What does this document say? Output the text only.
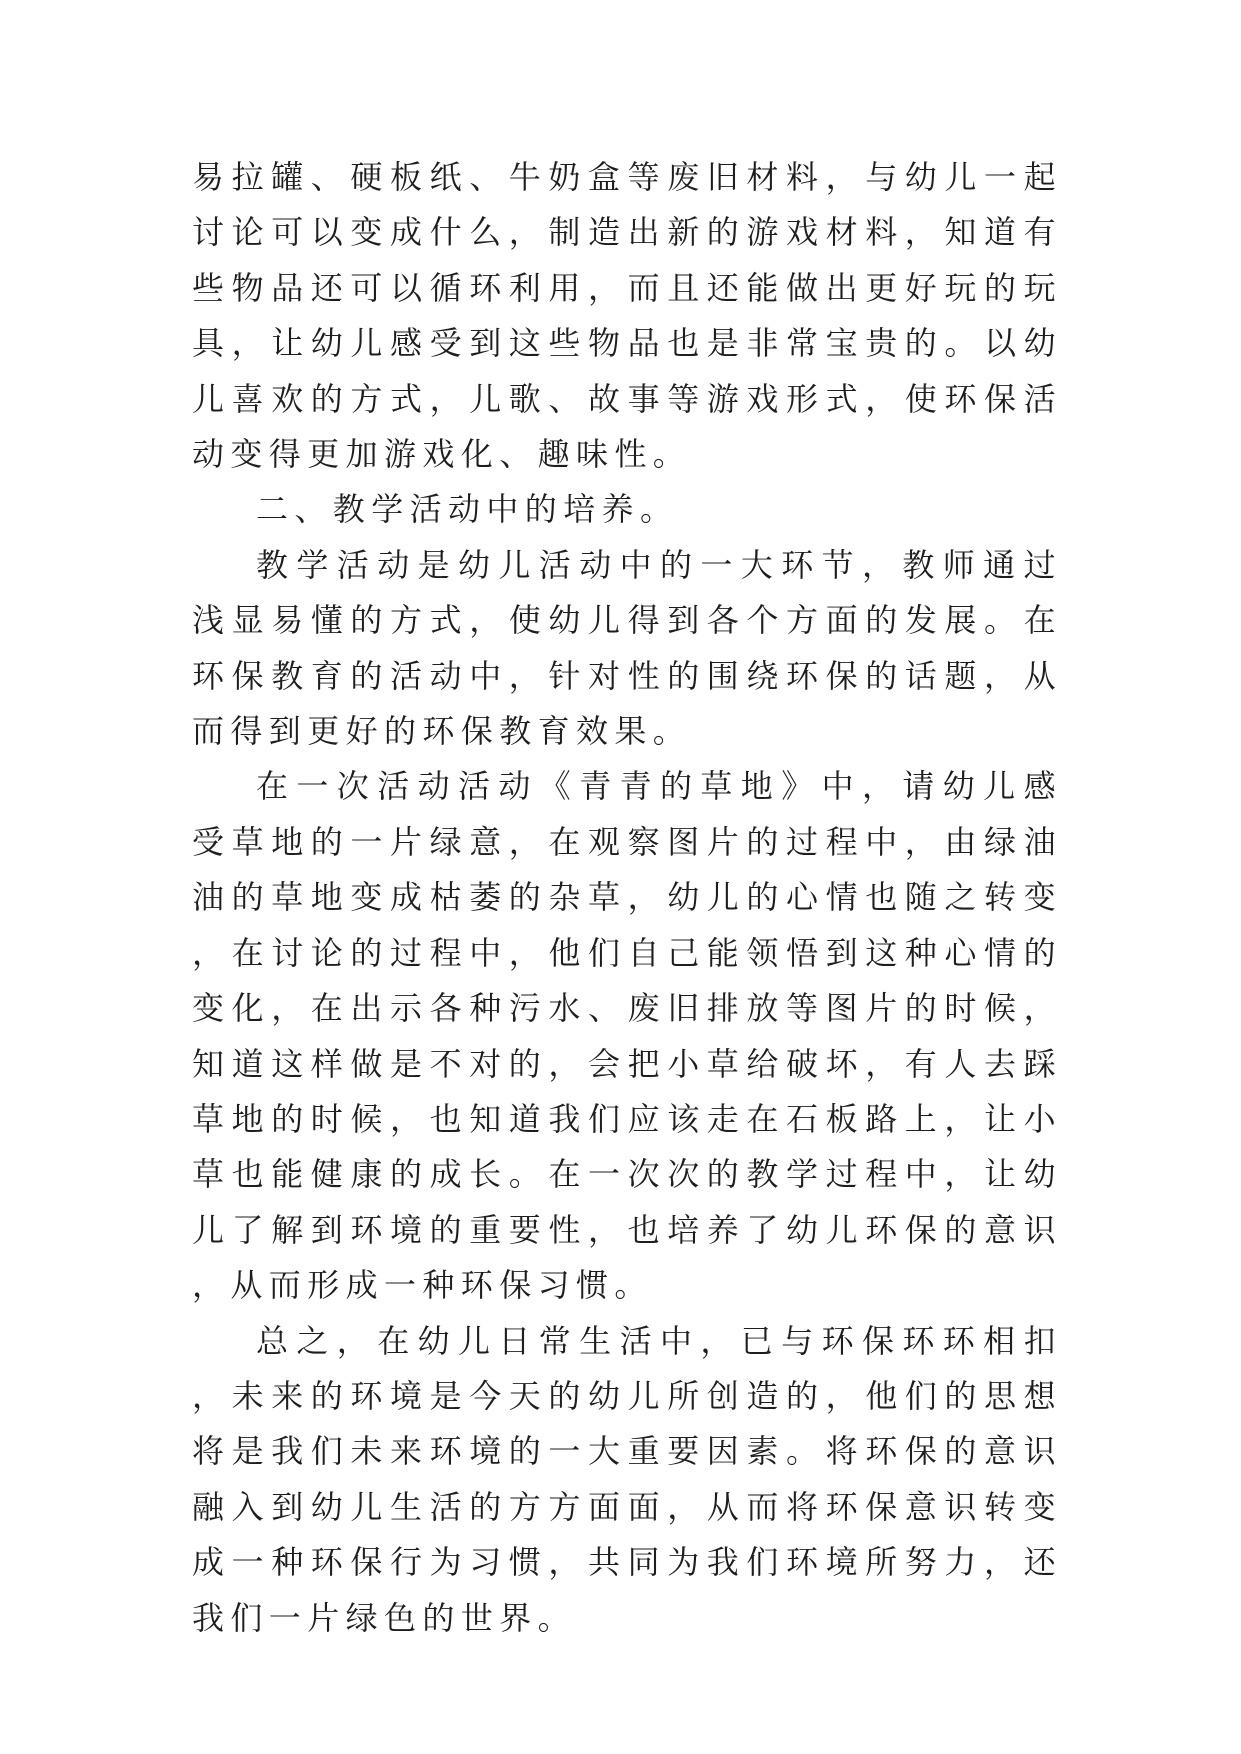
易拉罐、硬板纸、牛奶盒等废旧材料，与幼儿一起讨论可以变成什么，制造出新的游戏材料，知道有些物品还可以循环利用，而且还能做出更好玩的玩具，让幼儿感受到这些物品也是非常宝贵的。以幼儿喜欢的方式，儿歌、故事等游戏形式，使环保活动变得更加游戏化、趣味性。

二、教学活动中的培养。

教学活动是幼儿活动中的一大环节，教师通过浅显易懂的方式，使幼儿得到各个方面的发展。在环保教育的活动中，针对性的围绕环保的话题，从而得到更好的环保教育效果。

在一次活动活动《青青的草地》中，请幼儿感受草地的一片绿意，在观察图片的过程中，由绿油油的草地变成枯萎的杂草，幼儿的心情也随之转变，在讨论的过程中，他们自己能领悟到这种心情的变化，在出示各种污水、废旧排放等图片的时候，知道这样做是不对的，会把小草给破坏，有人去踩草地的时候，也知道我们应该走在石板路上，让小草也能健康的成长。在一次次的教学过程中，让幼儿了解到环境的重要性，也培养了幼儿环保的意识，从而形成一种环保习惯。

总之，在幼儿日常生活中，已与环保环环相扣，未来的环境是今天的幼儿所创造的，他们的思想将是我们未来环境的一大重要因素。将环保的意识融入到幼儿生活的方方面面，从而将环保意识转变成一种环保行为习惯，共同为我们环境所努力，还我们一片绿色的世界。
